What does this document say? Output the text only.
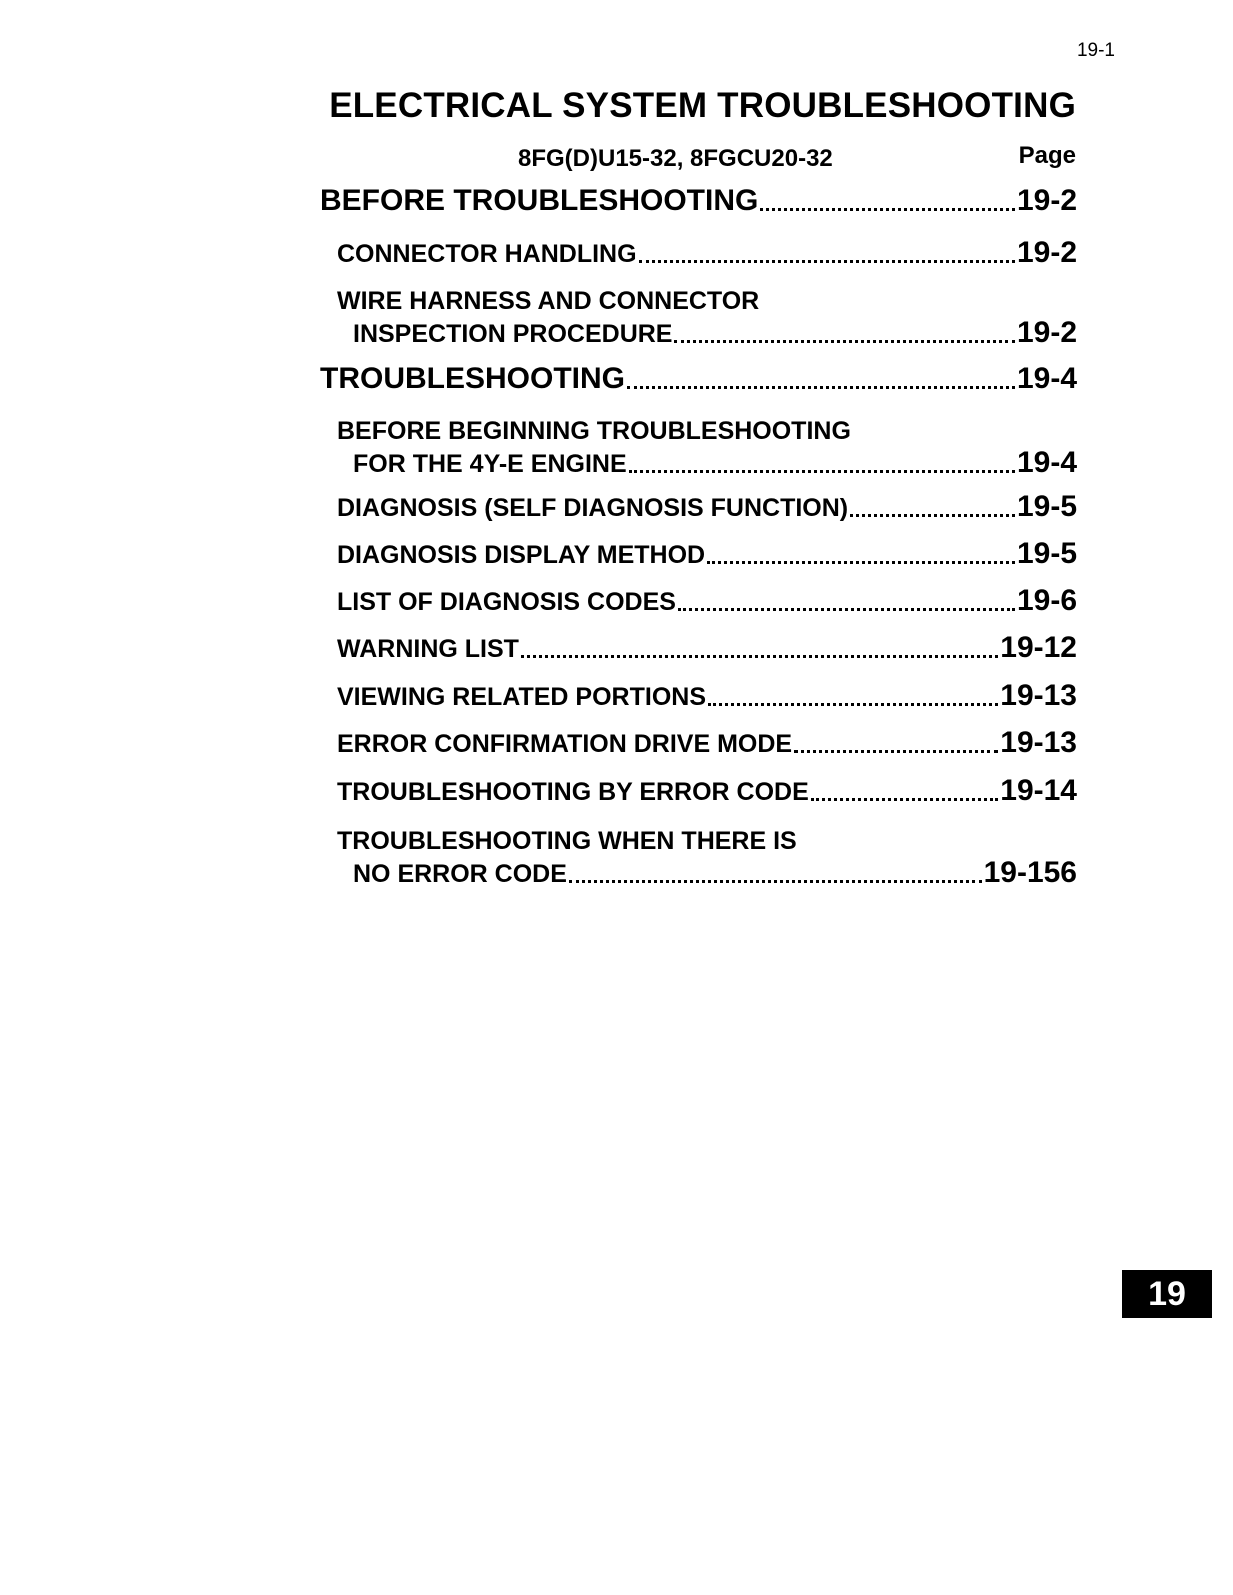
19-1
ELECTRICAL SYSTEM TROUBLESHOOTING
8FG(D)U15-32, 8FGCU20-32	Page
BEFORE TROUBLESHOOTING	19-2
CONNECTOR HANDLING	19-2
WIRE HARNESS AND CONNECTOR
INSPECTION PROCEDURE	19-2
TROUBLESHOOTING	19-4
BEFORE BEGINNING TROUBLESHOOTING
FOR THE 4Y-E ENGINE	19-4
DIAGNOSIS (SELF DIAGNOSIS FUNCTION)	19-5
DIAGNOSIS DISPLAY METHOD	19-5
LIST OF DIAGNOSIS CODES	19-6
WARNING LIST	19-12
VIEWING RELATED PORTIONS	19-13
ERROR CONFIRMATION DRIVE MODE	19-13
TROUBLESHOOTING BY ERROR CODE	19-14
TROUBLESHOOTING WHEN THERE IS
NO ERROR CODE	19-156
19
